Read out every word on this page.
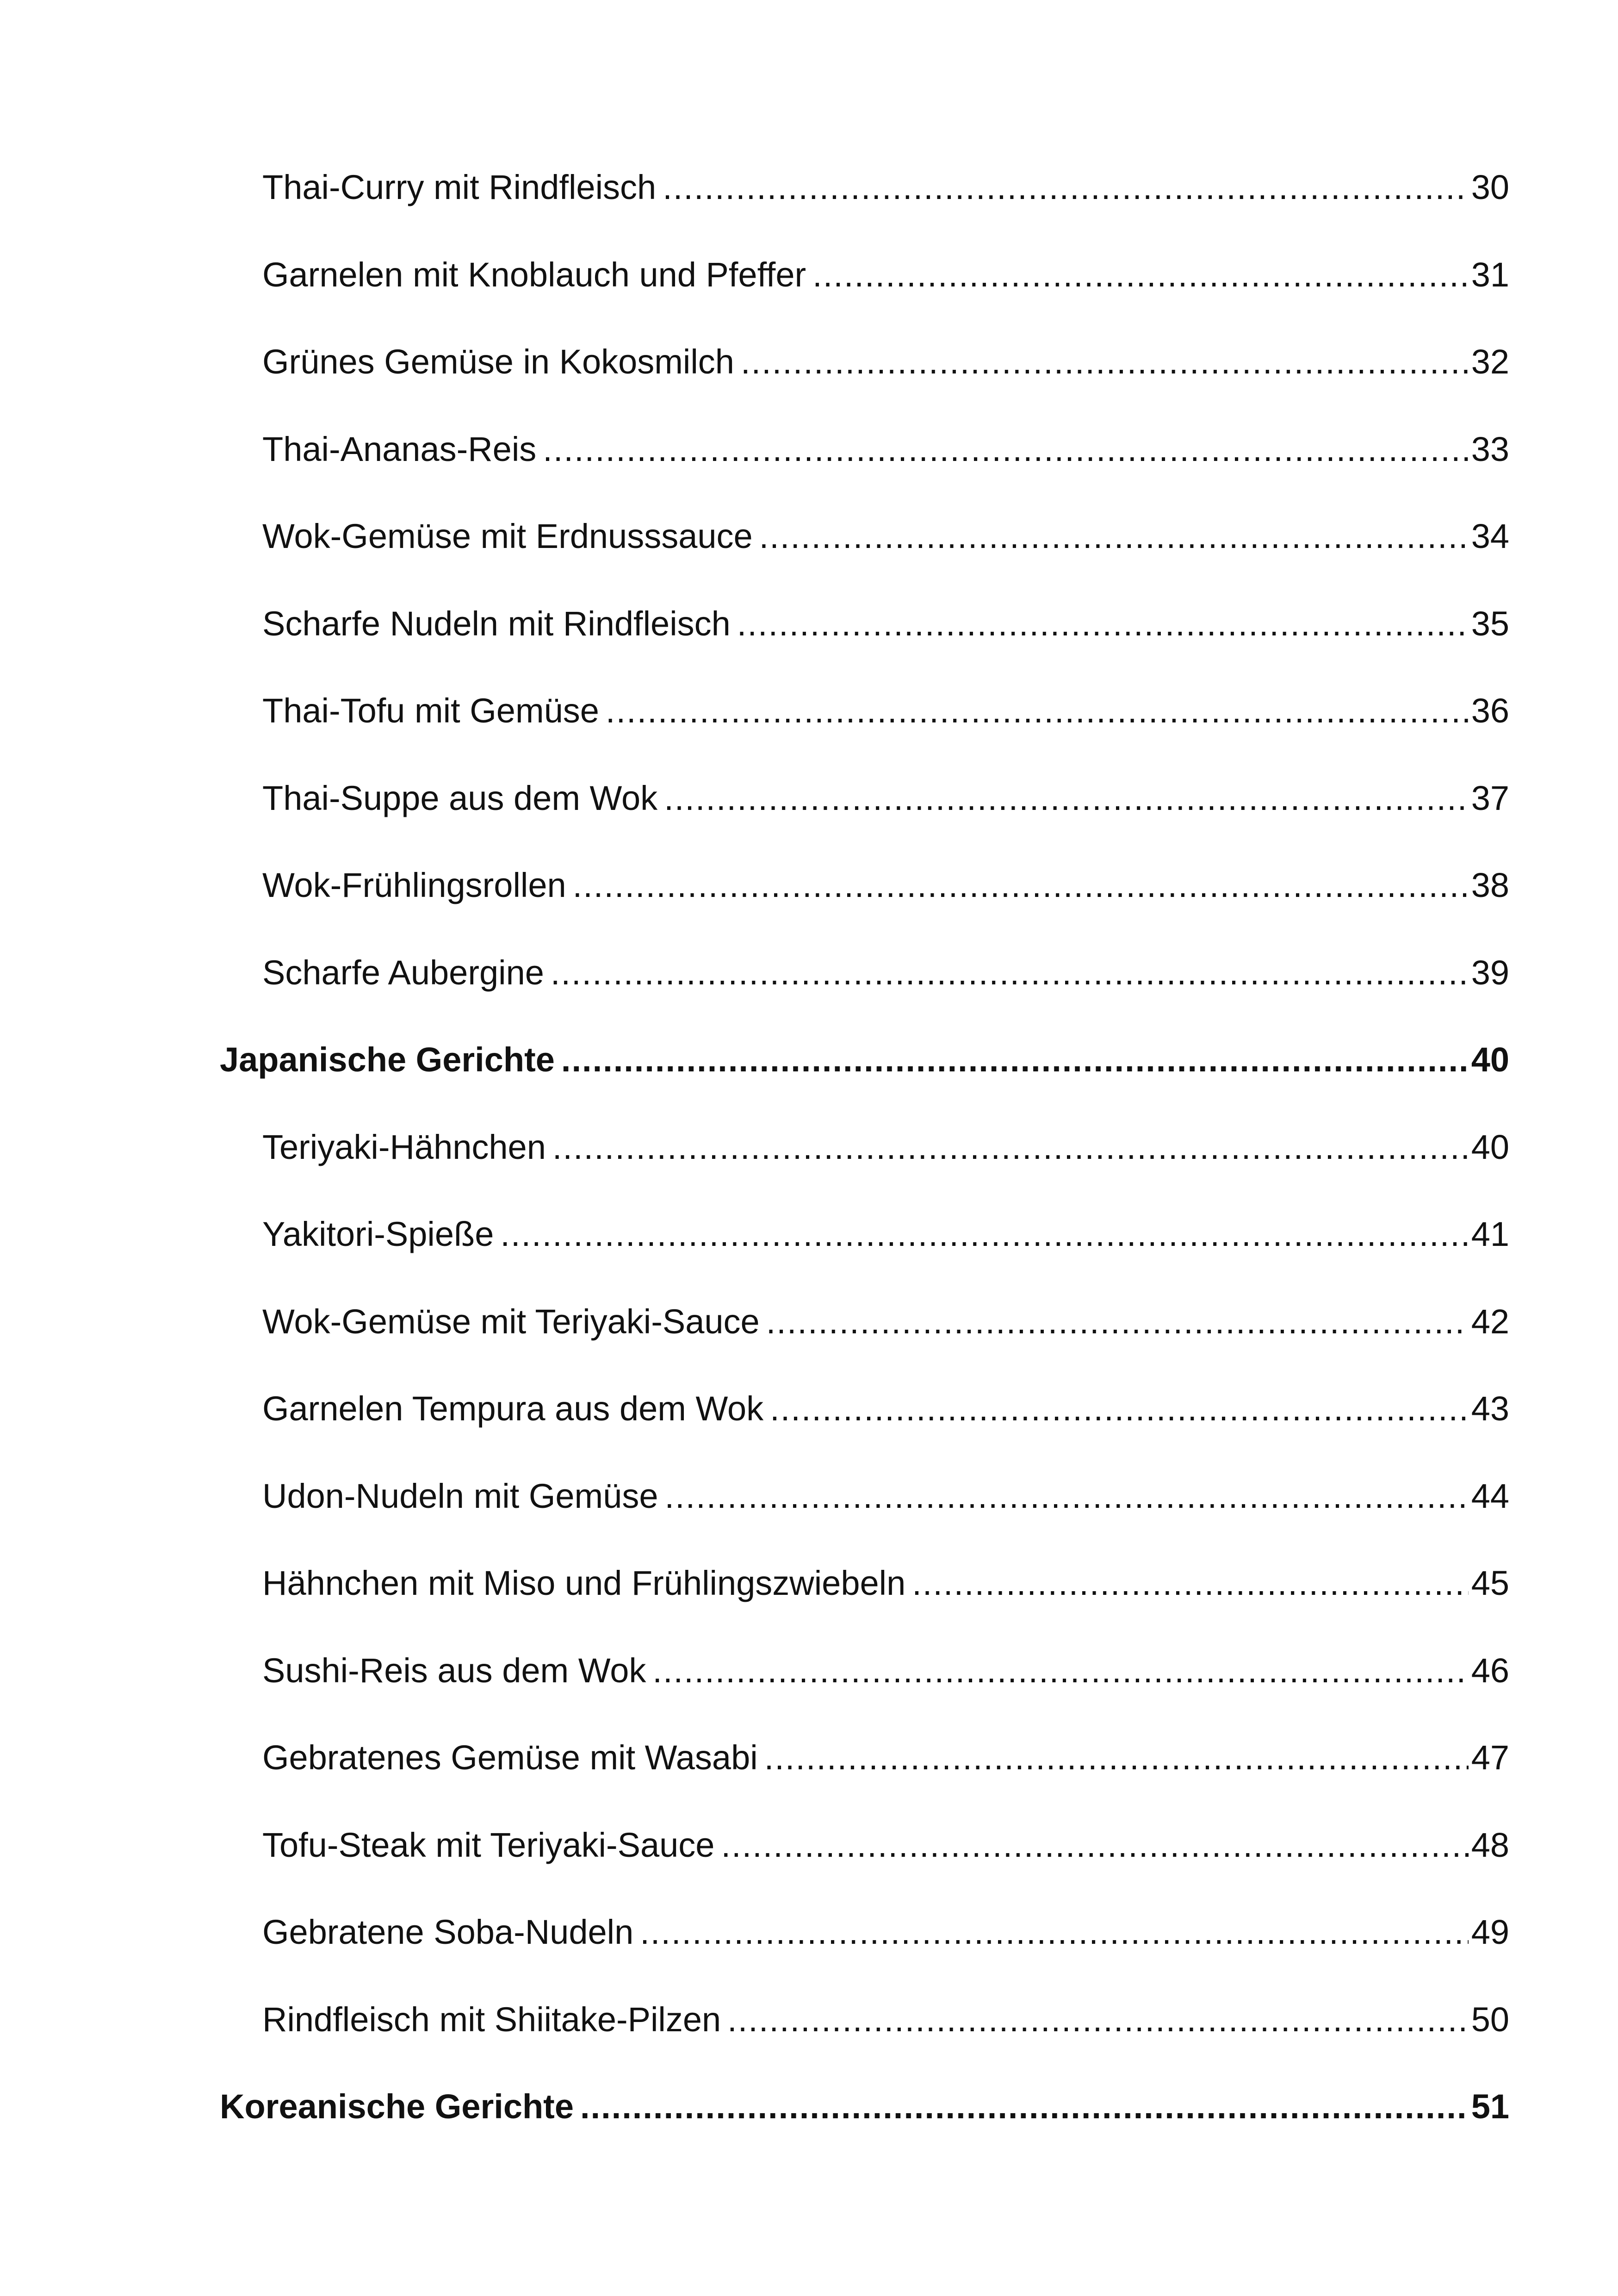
Thai-Curry mit Rindfleisch .....	30
Garnelen mit Knoblauch und Pfeffer .....	31
Grünes Gemüse in Kokosmilch .....	32
Thai-Ananas-Reis .....	33
Wok-Gemüse mit Erdnusssauce .....	34
Scharfe Nudeln mit Rindfleisch .....	35
Thai-Tofu mit Gemüse .....	36
Thai-Suppe aus dem Wok .....	37
Wok-Frühlingsrollen .....	38
Scharfe Aubergine .....	39
Japanische Gerichte .....	40
Teriyaki-Hähnchen .....	40
Yakitori-Spieße .....	41
Wok-Gemüse mit Teriyaki-Sauce .....	42
Garnelen Tempura aus dem Wok .....	43
Udon-Nudeln mit Gemüse .....	44
Hähnchen mit Miso und Frühlingszwiebeln .....	45
Sushi-Reis aus dem Wok .....	46
Gebratenes Gemüse mit Wasabi .....	47
Tofu-Steak mit Teriyaki-Sauce .....	48
Gebratene Soba-Nudeln .....	49
Rindfleisch mit Shiitake-Pilzen .....	50
Koreanische Gerichte .....	51
